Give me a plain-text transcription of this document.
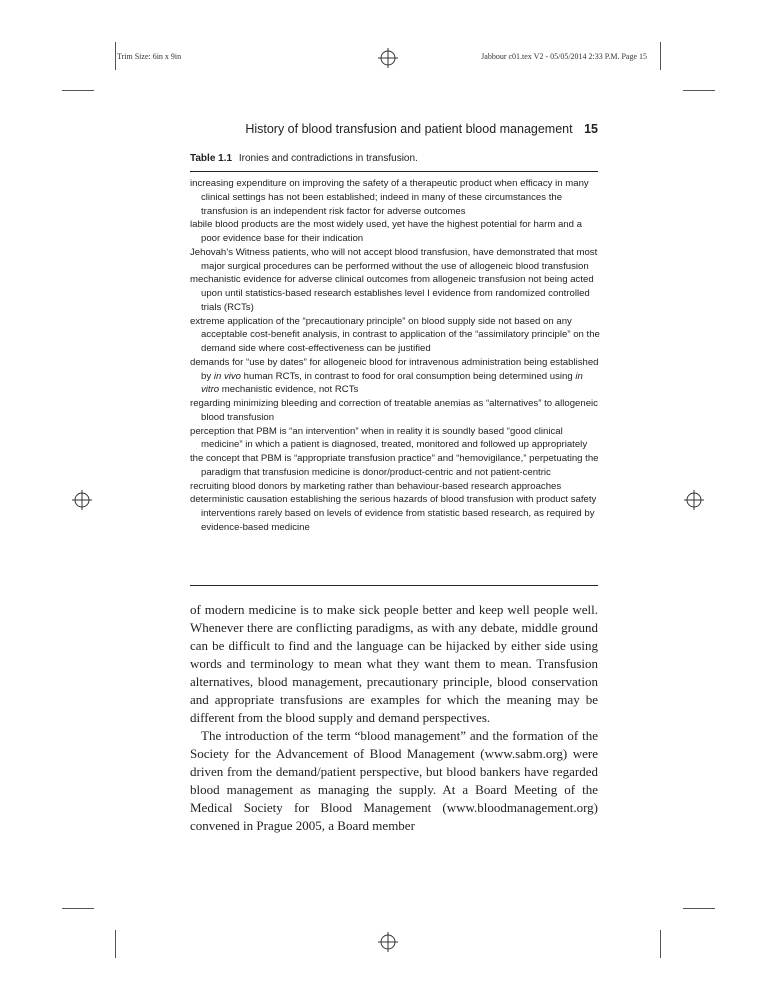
Trim Size: 6in x 9in	Jabbour c01.tex V2 - 05/05/2014 2:33 P.M. Page 15
History of blood transfusion and patient blood management 15
Table 1.1 Ironies and contradictions in transfusion.
increasing expenditure on improving the safety of a therapeutic product when efficacy in many clinical settings has not been established; indeed in many of these circumstances the transfusion is an independent risk factor for adverse outcomes
labile blood products are the most widely used, yet have the highest potential for harm and a poor evidence base for their indication
Jehovah’s Witness patients, who will not accept blood transfusion, have demonstrated that most major surgical procedures can be performed without the use of allogeneic blood transfusion
mechanistic evidence for adverse clinical outcomes from allogeneic transfusion not being acted upon until statistics-based research establishes level I evidence from randomized controlled trials (RCTs)
extreme application of the “precautionary principle” on blood supply side not based on any acceptable cost-benefit analysis, in contrast to application of the “assimilatory principle” on the demand side where cost-effectiveness can be justified
demands for “use by dates” for allogeneic blood for intravenous administration being established by in vivo human RCTs, in contrast to food for oral consumption being determined using in vitro mechanistic evidence, not RCTs
regarding minimizing bleeding and correction of treatable anemias as “alternatives” to allogeneic blood transfusion
perception that PBM is “an intervention” when in reality it is soundly based “good clinical medicine” in which a patient is diagnosed, treated, monitored and followed up appropriately
the concept that PBM is “appropriate transfusion practice” and “hemovigilance,” perpetuating the paradigm that transfusion medicine is donor/product-centric and not patient-centric
recruiting blood donors by marketing rather than behaviour-based research approaches
deterministic causation establishing the serious hazards of blood transfusion with product safety interventions rarely based on levels of evidence from statistic based research, as required by evidence-based medicine

of modern medicine is to make sick people better and keep well people well. Whenever there are conflicting paradigms, as with any debate, middle ground can be difficult to find and the language can be hijacked by either side using words and terminology to mean what they want them to mean. Transfusion alternatives, blood management, precautionary principle, blood conservation and appropriate transfusions are examples for which the meaning may be different from the blood supply and demand perspectives.

The introduction of the term “blood management” and the formation of the Society for the Advancement of Blood Management (www.sabm.org) were driven from the demand/patient perspective, but blood bankers have regarded blood management as managing the supply. At a Board Meeting of the Medical Society for Blood Management (www.bloodmanagement.org) convened in Prague 2005, a Board member
